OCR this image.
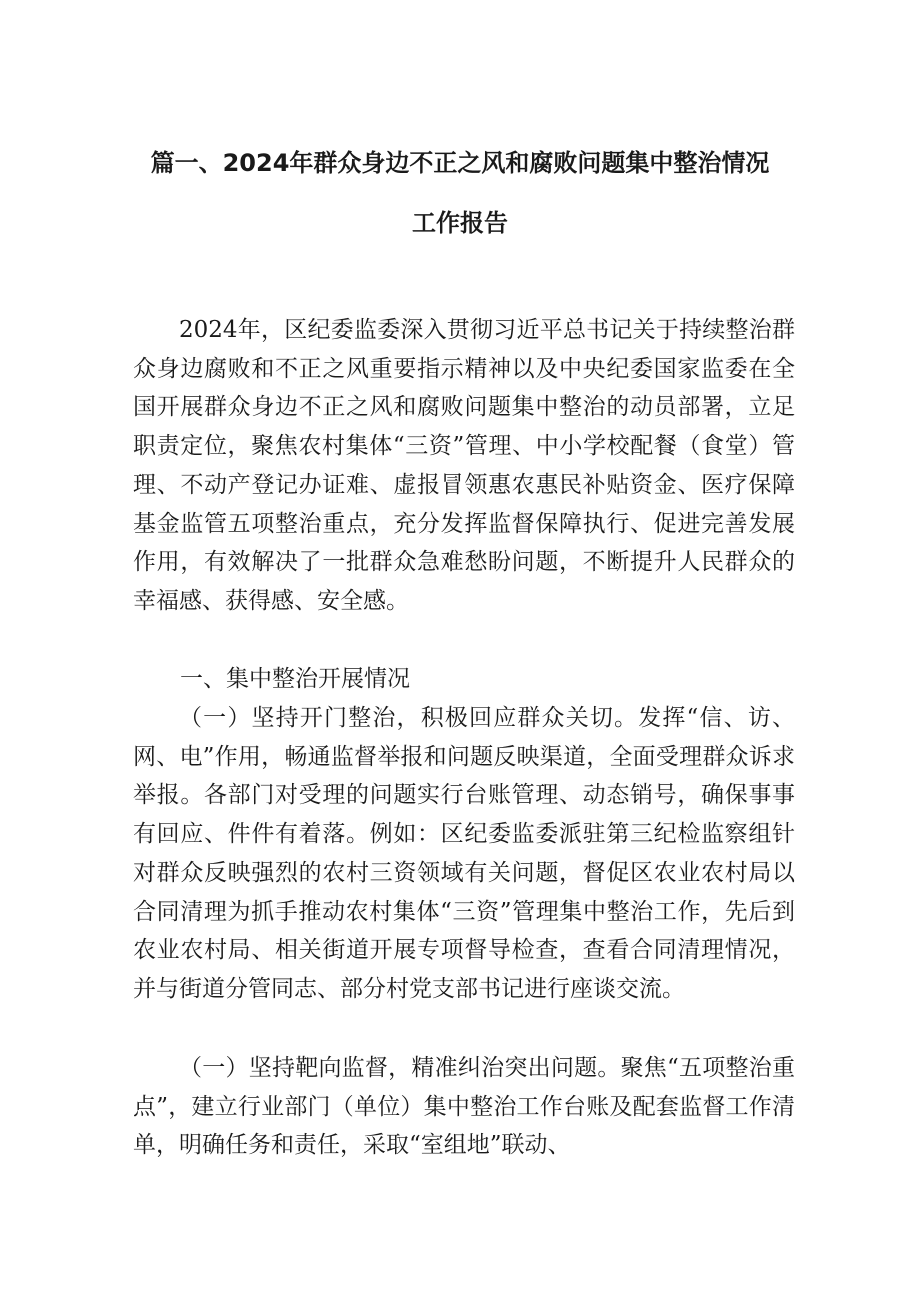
篇一、2024年群众身边不正之风和腐败问题集中整治情况
工作报告

2024年，区纪委监委深入贯彻习近平总书记关于持续整治群众身边腐败和不正之风重要指示精神以及中央纪委国家监委在全国开展群众身边不正之风和腐败问题集中整治的动员部署，立足职责定位，聚焦农村集体“三资”管理、中小学校配餐（食堂）管理、不动产登记办证难、虚报冒领惠农惠民补贴资金、医疗保障基金监管五项整治重点，充分发挥监督保障执行、促进完善发展作用，有效解决了一批群众急难愁盼问题，不断提升人民群众的幸福感、获得感、安全感。

一、集中整治开展情况

（一）坚持开门整治，积极回应群众关切。发挥“信、访、网、电”作用，畅通监督举报和问题反映渠道，全面受理群众诉求举报。各部门对受理的问题实行台账管理、动态销号，确保事事有回应、件件有着落。例如：区纪委监委派驻第三纪检监察组针对群众反映强烈的农村三资领域有关问题，督促区农业农村局以合同清理为抓手推动农村集体“三资”管理集中整治工作，先后到农业农村局、相关街道开展专项督导检查，查看合同清理情况，并与街道分管同志、部分村党支部书记进行座谈交流。

（一）坚持靶向监督，精准纠治突出问题。聚焦“五项整治重点”，建立行业部门（单位）集中整治工作台账及配套监督工作清单，明确任务和责任，采取“室组地”联动、
